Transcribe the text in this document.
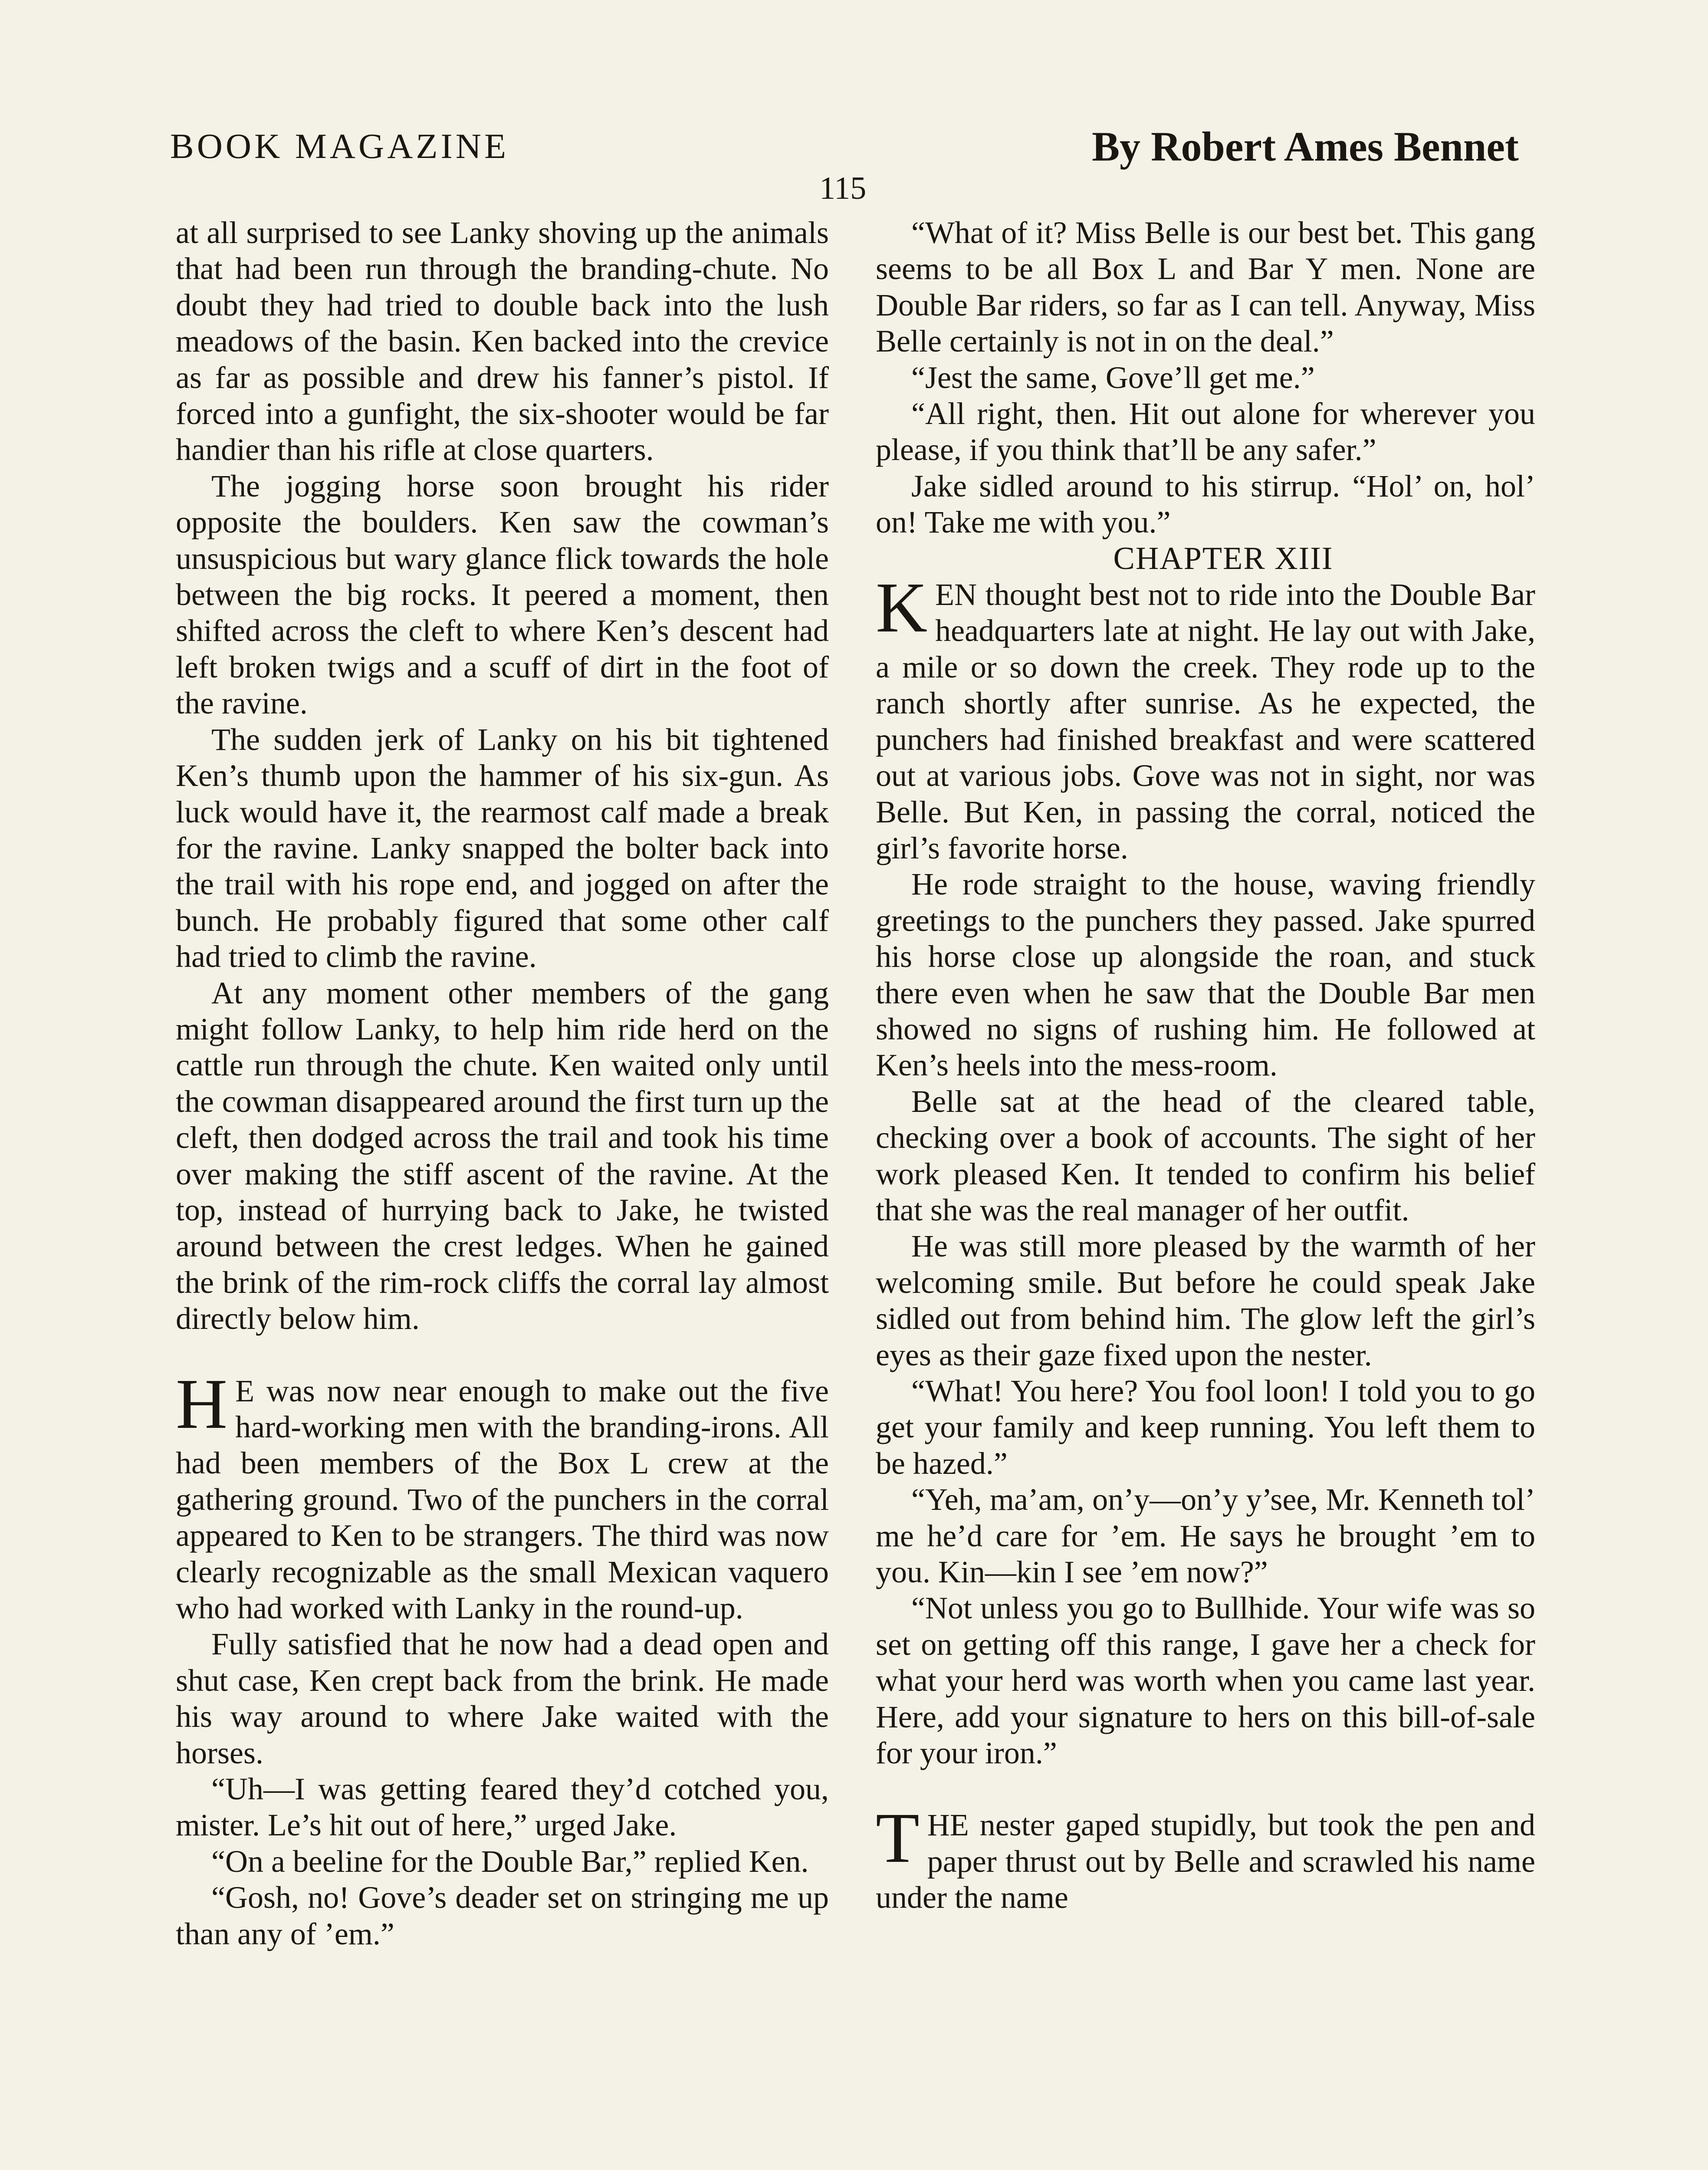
BOOK MAGAZINE	By Robert Ames Bennet
115

at all surprised to see Lanky shoving up the animals that had been run through the branding-chute. No doubt they had tried to double back into the lush meadows of the basin. Ken backed into the crevice as far as possible and drew his fanner’s pistol. If forced into a gunfight, the six-shooter would be far handier than his rifle at close quarters.

The jogging horse soon brought his rider opposite the boulders. Ken saw the cowman’s unsuspicious but wary glance flick towards the hole between the big rocks. It peered a moment, then shifted across the cleft to where Ken’s descent had left broken twigs and a scuff of dirt in the foot of the ravine.

The sudden jerk of Lanky on his bit tightened Ken’s thumb upon the hammer of his six-gun. As luck would have it, the rearmost calf made a break for the ravine. Lanky snapped the bolter back into the trail with his rope end, and jogged on after the bunch. He probably figured that some other calf had tried to climb the ravine.

At any moment other members of the gang might follow Lanky, to help him ride herd on the cattle run through the chute. Ken waited only until the cowman disappeared around the first turn up the cleft, then dodged across the trail and took his time over making the stiff ascent of the ravine. At the top, instead of hurrying back to Jake, he twisted around between the crest ledges. When he gained the brink of the rim-rock cliffs the corral lay almost directly below him.

H E was now near enough to make out the five hard-working men with the branding-irons. All had been members of the Box L crew at the gathering ground. Two of the punchers in the corral appeared to Ken to be strangers. The third was now clearly recognizable as the small Mexican vaquero who had worked with Lanky in the round-up.

Fully satisfied that he now had a dead open and shut case, Ken crept back from the brink. He made his way around to where Jake waited with the horses.

“Uh—I was getting feared they’d cotched you, mister. Le’s hit out of here,” urged Jake.

“On a beeline for the Double Bar,” replied Ken.

“Gosh, no! Gove’s deader set on stringing me up than any of ’em.”

“What of it? Miss Belle is our best bet. This gang seems to be all Box L and Bar Y men. None are Double Bar riders, so far as I can tell. Anyway, Miss Belle certainly is not in on the deal.”

“Jest the same, Gove’ll get me.”

“All right, then. Hit out alone for wherever you please, if you think that’ll be any safer.”

Jake sidled around to his stirrup. “Hol’ on, hol’ on! Take me with you.”

CHAPTER XIII

KEN thought best not to ride into the Double Bar headquarters late at night. He lay out with Jake, a mile or so down the creek. They rode up to the ranch shortly after sunrise. As he expected, the punchers had finished breakfast and were scattered out at various jobs. Gove was not in sight, nor was Belle. But Ken, in passing the corral, noticed the girl’s favorite horse.

He rode straight to the house, waving friendly greetings to the punchers they passed. Jake spurred his horse close up alongside the roan, and stuck there even when he saw that the Double Bar men showed no signs of rushing him. He followed at Ken’s heels into the mess-room.

Belle sat at the head of the cleared table, checking over a book of accounts. The sight of her work pleased Ken. It tended to confirm his belief that she was the real manager of her outfit.

He was still more pleased by the warmth of her welcoming smile. But before he could speak Jake sidled out from behind him. The glow left the girl’s eyes as their gaze fixed upon the nester.

“What! You here? You fool loon! I told you to go get your family and keep running. You left them to be hazed.”

“Yeh, ma’am, on’y—on’y y’see, Mr. Kenneth tol’ me he’d care for ’em. He says he brought ’em to you. Kin—kin I see ’em now?”

“Not unless you go to Bullhide. Your wife was so set on getting off this range, I gave her a check for what your herd was worth when you came last year. Here, add your signature to hers on this bill-of-sale for your iron.”

THE nester gaped stupidly, but took the pen and paper thrust out by Belle and scrawled his name under the name
